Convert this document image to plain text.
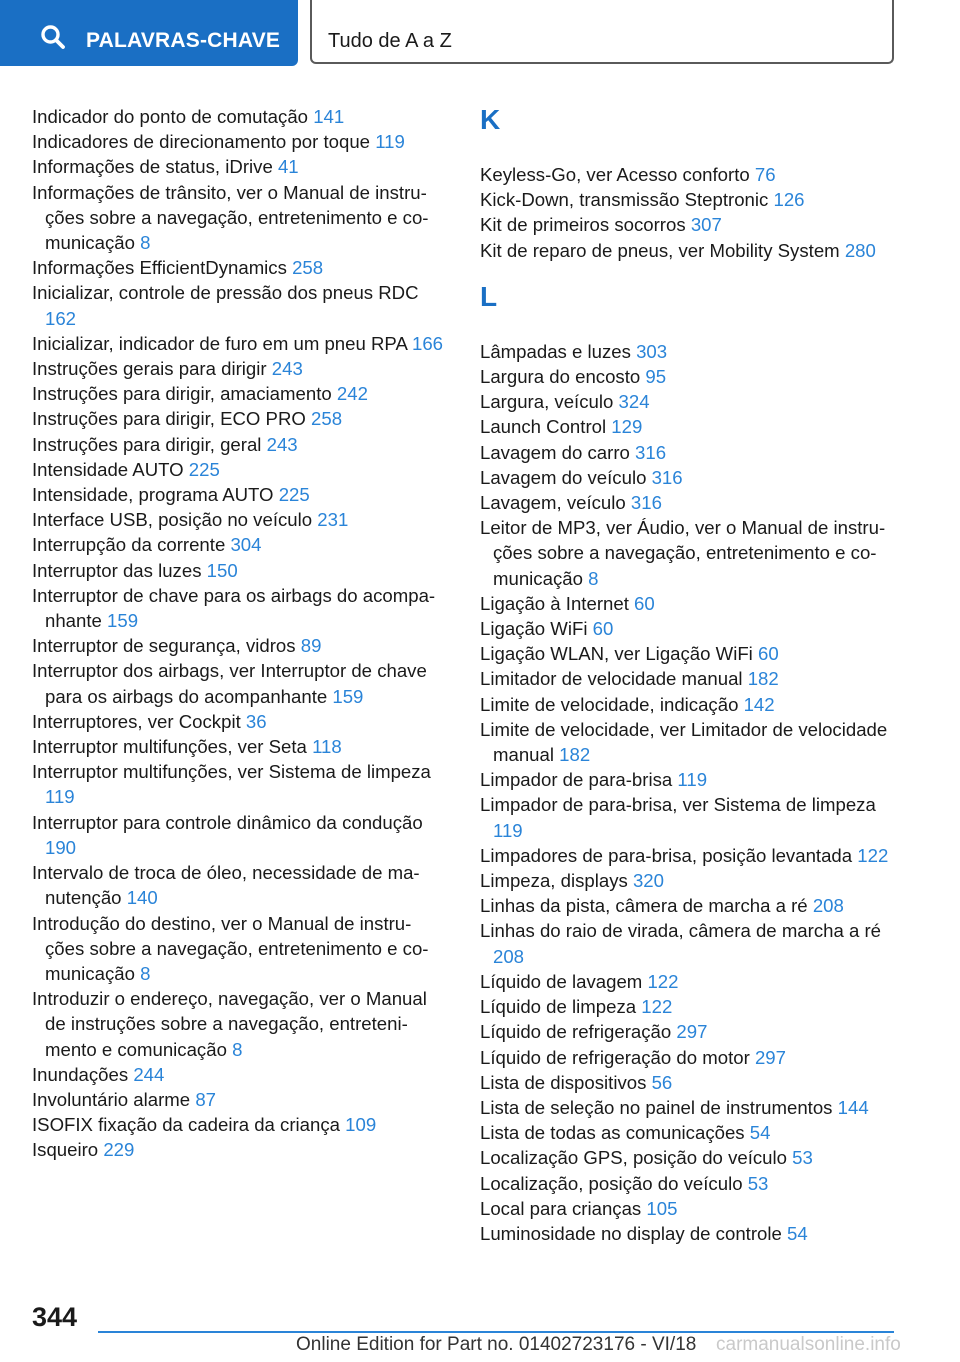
PALAVRAS-CHAVE Tudo de A a Z
Indicador do ponto de comutação 141
Indicadores de direcionamento por toque 119
Informações de status, iDrive 41
Informações de trânsito, ver o Manual de instruções sobre a navegação, entretenimento e comunicação 8
Informações EfficientDynamics 258
Inicializar, controle de pressão dos pneus RDC 162
Inicializar, indicador de furo em um pneu RPA 166
Instruções gerais para dirigir 243
Instruções para dirigir, amaciamento 242
Instruções para dirigir, ECO PRO 258
Instruções para dirigir, geral 243
Intensidade AUTO 225
Intensidade, programa AUTO 225
Interface USB, posição no veículo 231
Interrupção da corrente 304
Interruptor das luzes 150
Interruptor de chave para os airbags do acompanhante 159
Interruptor de segurança, vidros 89
Interruptor dos airbags, ver Interruptor de chave para os airbags do acompanhante 159
Interruptores, ver Cockpit 36
Interruptor multifunções, ver Seta 118
Interruptor multifunções, ver Sistema de limpeza 119
Interruptor para controle dinâmico da condução 190
Intervalo de troca de óleo, necessidade de manutenção 140
Introdução do destino, ver o Manual de instruções sobre a navegação, entretenimento e comunicação 8
Introduzir o endereço, navegação, ver o Manual de instruções sobre a navegação, entretenimento e comunicação 8
Inundações 244
Involuntário alarme 87
ISOFIX fixação da cadeira da criança 109
Isqueiro 229
K
Keyless-Go, ver Acesso conforto 76
Kick-Down, transmissão Steptronic 126
Kit de primeiros socorros 307
Kit de reparo de pneus, ver Mobility System 280
L
Lâmpadas e luzes 303
Largura do encosto 95
Largura, veículo 324
Launch Control 129
Lavagem do carro 316
Lavagem do veículo 316
Lavagem, veículo 316
Leitor de MP3, ver Áudio, ver o Manual de instruções sobre a navegação, entretenimento e comunicação 8
Ligação à Internet 60
Ligação WiFi 60
Ligação WLAN, ver Ligação WiFi 60
Limitador de velocidade manual 182
Limite de velocidade, indicação 142
Limite de velocidade, ver Limitador de velocidade manual 182
Limpador de para-brisa 119
Limpador de para-brisa, ver Sistema de limpeza 119
Limpadores de para-brisa, posição levantada 122
Limpeza, displays 320
Linhas da pista, câmera de marcha a ré 208
Linhas do raio de virada, câmera de marcha a ré 208
Líquido de lavagem 122
Líquido de limpeza 122
Líquido de refrigeração 297
Líquido de refrigeração do motor 297
Lista de dispositivos 56
Lista de seleção no painel de instrumentos 144
Lista de todas as comunicações 54
Localização GPS, posição do veículo 53
Localização, posição do veículo 53
Local para crianças 105
Luminosidade no display de controle 54
344
Online Edition for Part no. 01402723176 - VI/18 carmanualsonline.info
